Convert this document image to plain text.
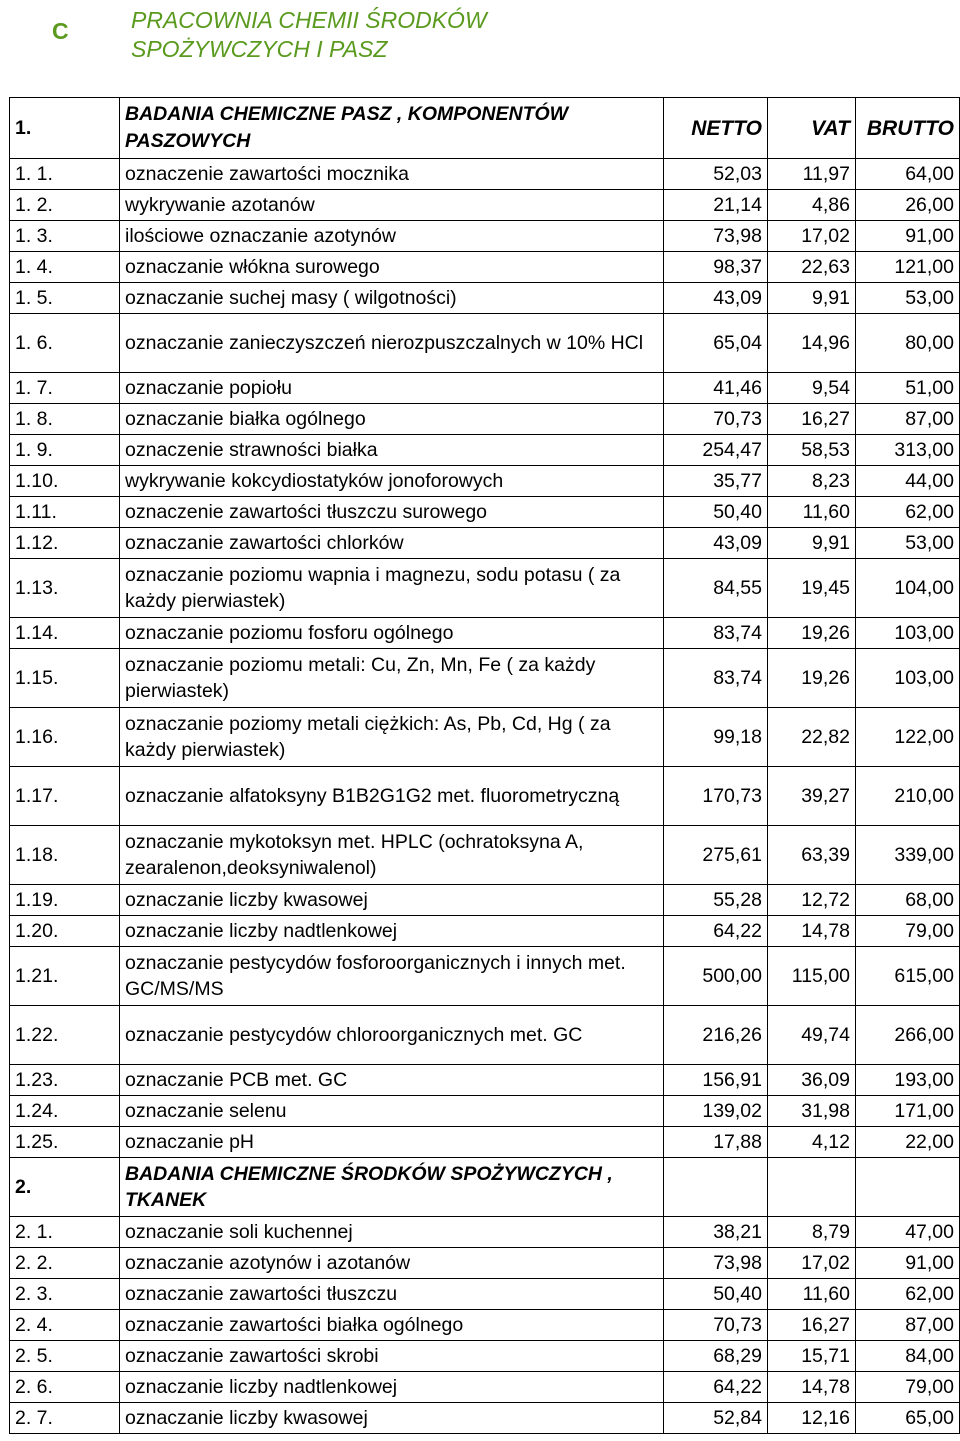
C	PRACOWNIA CHEMII ŚRODKÓW SPOŻYWCZYCH I PASZ
1.	BADANIA CHEMICZNE PASZ , KOMPONENTÓW PASZOWYCH	NETTO	VAT	BRUTTO
1. 1.	oznaczenie zawartości mocznika	52,03	11,97	64,00
1. 2.	wykrywanie azotanów	21,14	4,86	26,00
1. 3.	ilościowe oznaczanie azotynów	73,98	17,02	91,00
1. 4.	oznaczanie włókna surowego	98,37	22,63	121,00
1. 5.	oznaczanie suchej masy ( wilgotności)	43,09	9,91	53,00
1. 6.	oznaczanie zanieczyszczeń nierozpuszczalnych w 10% HCl	65,04	14,96	80,00
1. 7.	oznaczanie popiołu	41,46	9,54	51,00
1. 8.	oznaczanie białka ogólnego	70,73	16,27	87,00
1. 9.	oznaczenie strawności białka	254,47	58,53	313,00
1.10.	wykrywanie kokcydiostatyków jonoforowych	35,77	8,23	44,00
1.11.	oznaczenie zawartości tłuszczu surowego	50,40	11,60	62,00
1.12.	oznaczanie zawartości chlorków	43,09	9,91	53,00
1.13.	oznaczanie poziomu wapnia i magnezu, sodu potasu ( za każdy pierwiastek)	84,55	19,45	104,00
1.14.	oznaczanie poziomu fosforu ogólnego	83,74	19,26	103,00
1.15.	oznaczanie poziomu metali: Cu, Zn, Mn, Fe ( za każdy pierwiastek)	83,74	19,26	103,00
1.16.	oznaczanie poziomy metali ciężkich: As, Pb, Cd, Hg ( za każdy pierwiastek)	99,18	22,82	122,00
1.17.	oznaczanie alfatoksyny B1B2G1G2 met. fluorometryczną	170,73	39,27	210,00
1.18.	oznaczanie mykotoksyn met. HPLC (ochratoksyna A, zearalenon,deoksyniwalenol)	275,61	63,39	339,00
1.19.	oznaczanie liczby kwasowej	55,28	12,72	68,00
1.20.	oznaczanie liczby nadtlenkowej	64,22	14,78	79,00
1.21.	oznaczanie pestycydów fosforoorganicznych i innych met. GC/MS/MS	500,00	115,00	615,00
1.22.	oznaczanie pestycydów chloroorganicznych met. GC	216,26	49,74	266,00
1.23.	oznaczanie PCB met. GC	156,91	36,09	193,00
1.24.	oznaczanie selenu	139,02	31,98	171,00
1.25.	oznaczanie pH	17,88	4,12	22,00
2.	BADANIA CHEMICZNE ŚRODKÓW SPOŻYWCZYCH , TKANEK			
2. 1.	oznaczanie soli kuchennej	38,21	8,79	47,00
2. 2.	oznaczanie azotynów i azotanów	73,98	17,02	91,00
2. 3.	oznaczanie zawartości tłuszczu	50,40	11,60	62,00
2. 4.	oznaczanie zawartości białka ogólnego	70,73	16,27	87,00
2. 5.	oznaczanie zawartości skrobi	68,29	15,71	84,00
2. 6.	oznaczanie liczby nadtlenkowej	64,22	14,78	79,00
2. 7.	oznaczanie liczby kwasowej	52,84	12,16	65,00
